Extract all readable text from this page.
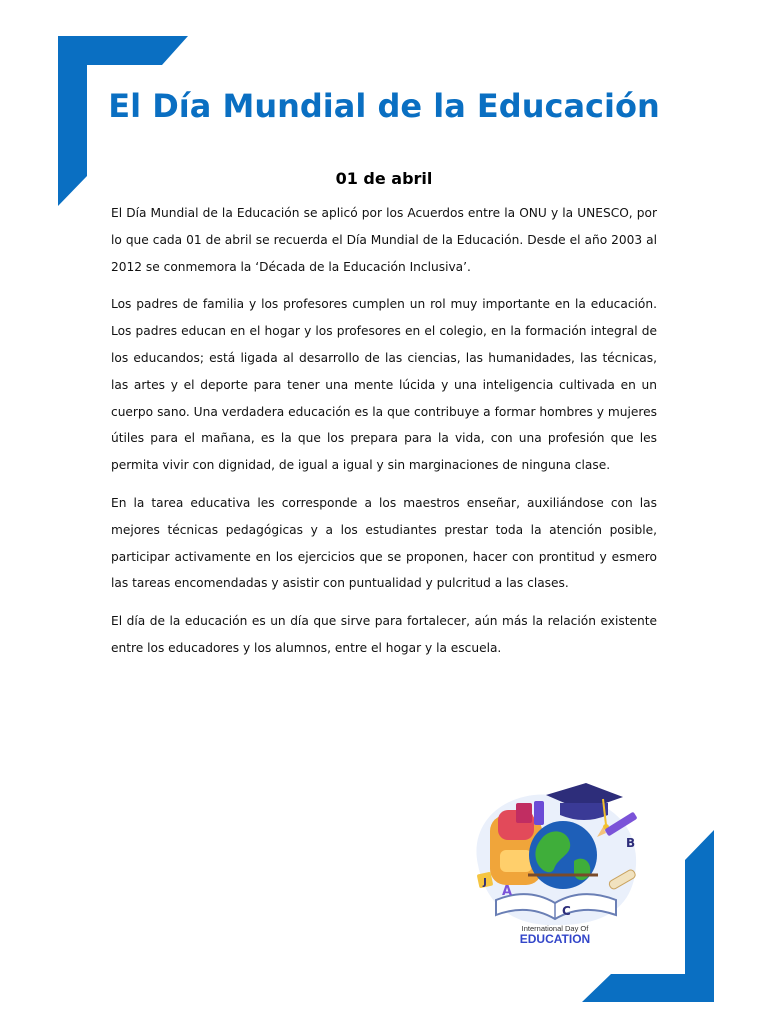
El Día Mundial de la Educación
01 de abril

El Día Mundial de la Educación se aplicó por los Acuerdos entre la ONU y la UNESCO, por lo que cada 01 de abril se recuerda el Día Mundial de la Educación. Desde el año 2003 al 2012 se conmemora la ‘Década de la Educación Inclusiva’.

Los padres de familia y los profesores cumplen un rol muy importante en la educación. Los padres educan en el hogar y los profesores en el colegio, en la formación integral de los educandos; está ligada al desarrollo de las ciencias, las humanidades, las técnicas, las artes y el deporte para tener una mente lúcida y una inteligencia cultivada en un cuerpo sano. Una verdadera educación es la que contribuye a formar hombres y mujeres útiles para el mañana, es la que los prepara para la vida, con una profesión que les permita vivir con dignidad, de igual a igual y sin marginaciones de ninguna clase.

En la tarea educativa les corresponde a los maestros enseñar, auxiliándose con las mejores técnicas pedagógicas y a los estudiantes prestar toda la atención posible, participar activamente en los ejercicios que se proponen, hacer con prontitud y esmero las tareas encomendadas y asistir con puntualidad y pulcritud a las clases.

El día de la educación es un día que sirve para fortalecer, aún más la relación existente entre los educadores y los alumnos, entre el hogar y la escuela.

J
A
B
C
International Day Of
EDUCATION
